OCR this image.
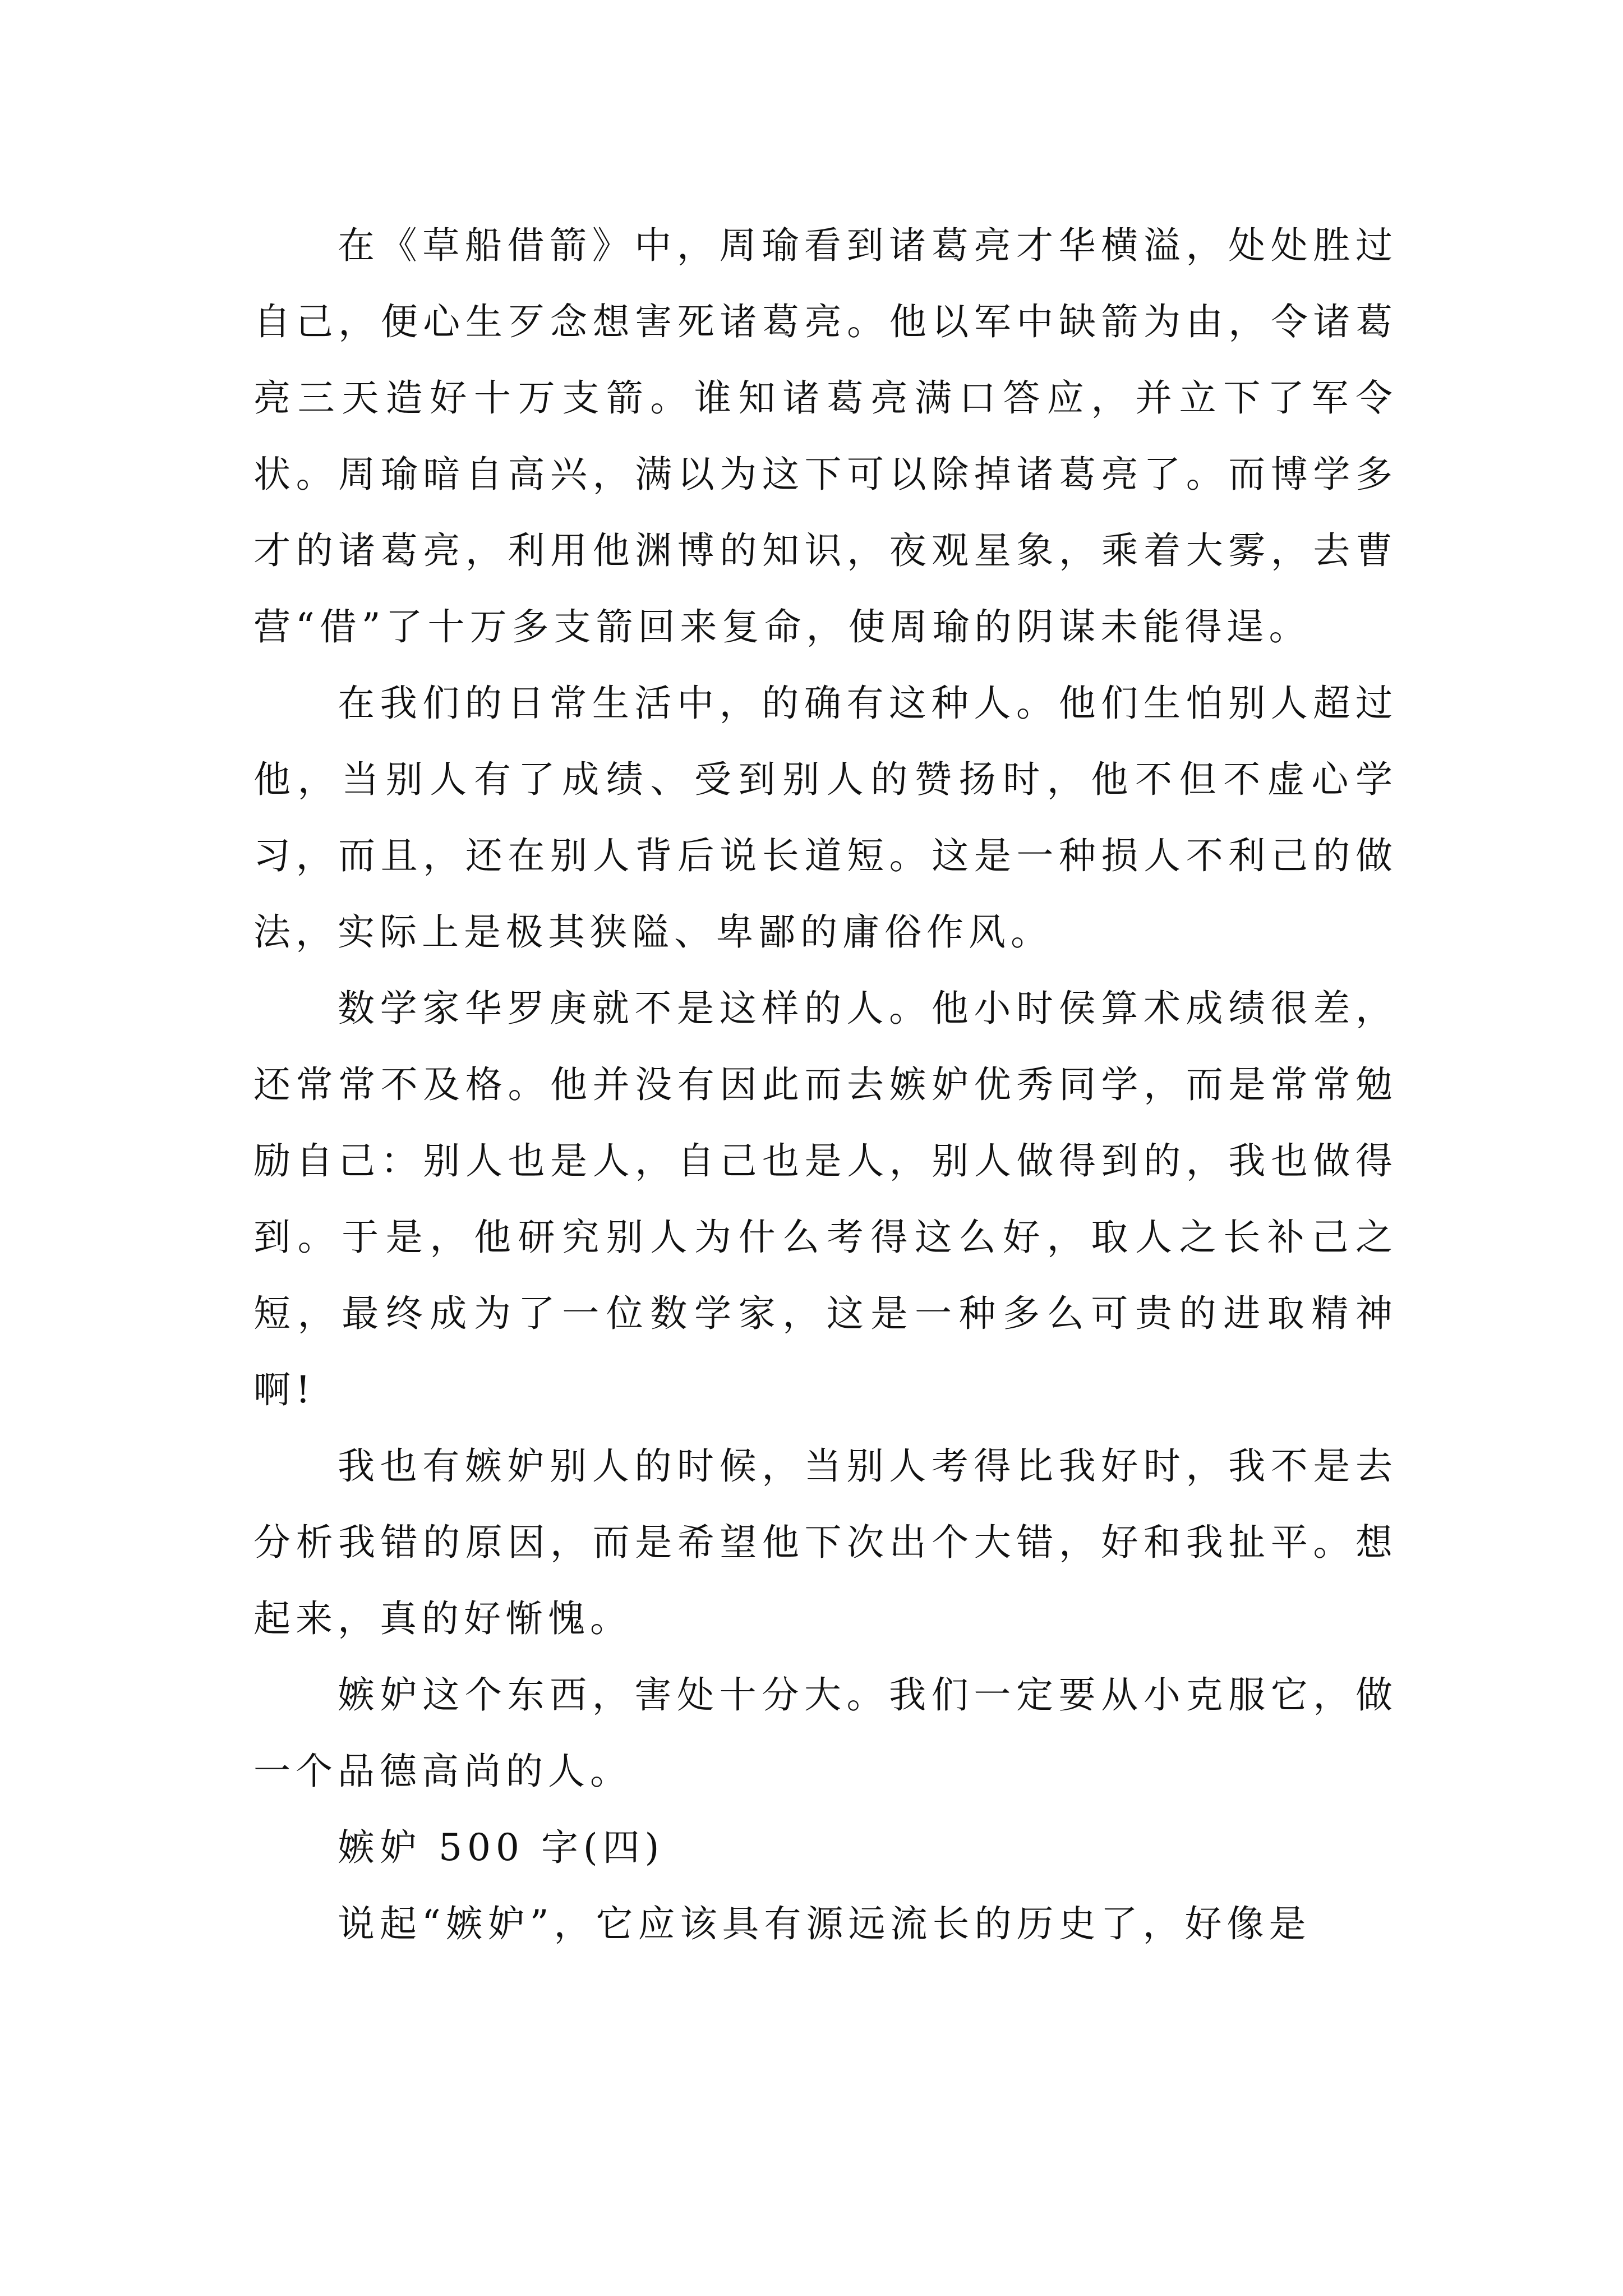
在《草船借箭》中，周瑜看到诸葛亮才华横溢，处处胜过自己，便心生歹念想害死诸葛亮。他以军中缺箭为由，令诸葛亮三天造好十万支箭。谁知诸葛亮满口答应，并立下了军令状。周瑜暗自高兴，满以为这下可以除掉诸葛亮了。而博学多才的诸葛亮，利用他渊博的知识，夜观星象，乘着大雾，去曹营“借”了十万多支箭回来复命，使周瑜的阴谋未能得逞。

在我们的日常生活中，的确有这种人。他们生怕别人超过他，当别人有了成绩、受到别人的赞扬时，他不但不虚心学习，而且，还在别人背后说长道短。这是一种损人不利己的做法，实际上是极其狭隘、卑鄙的庸俗作风。

数学家华罗庚就不是这样的人。他小时侯算术成绩很差，还常常不及格。他并没有因此而去嫉妒优秀同学，而是常常勉励自己：别人也是人，自己也是人，别人做得到的，我也做得到。于是，他研究别人为什么考得这么好，取人之长补己之短，最终成为了一位数学家，这是一种多么可贵的进取精神啊!

我也有嫉妒别人的时候，当别人考得比我好时，我不是去分析我错的原因，而是希望他下次出个大错，好和我扯平。想起来，真的好惭愧。

嫉妒这个东西，害处十分大。我们一定要从小克服它，做一个品德高尚的人。

嫉妒 500 字(四)

说起“嫉妒”，它应该具有源远流长的历史了，好像是
